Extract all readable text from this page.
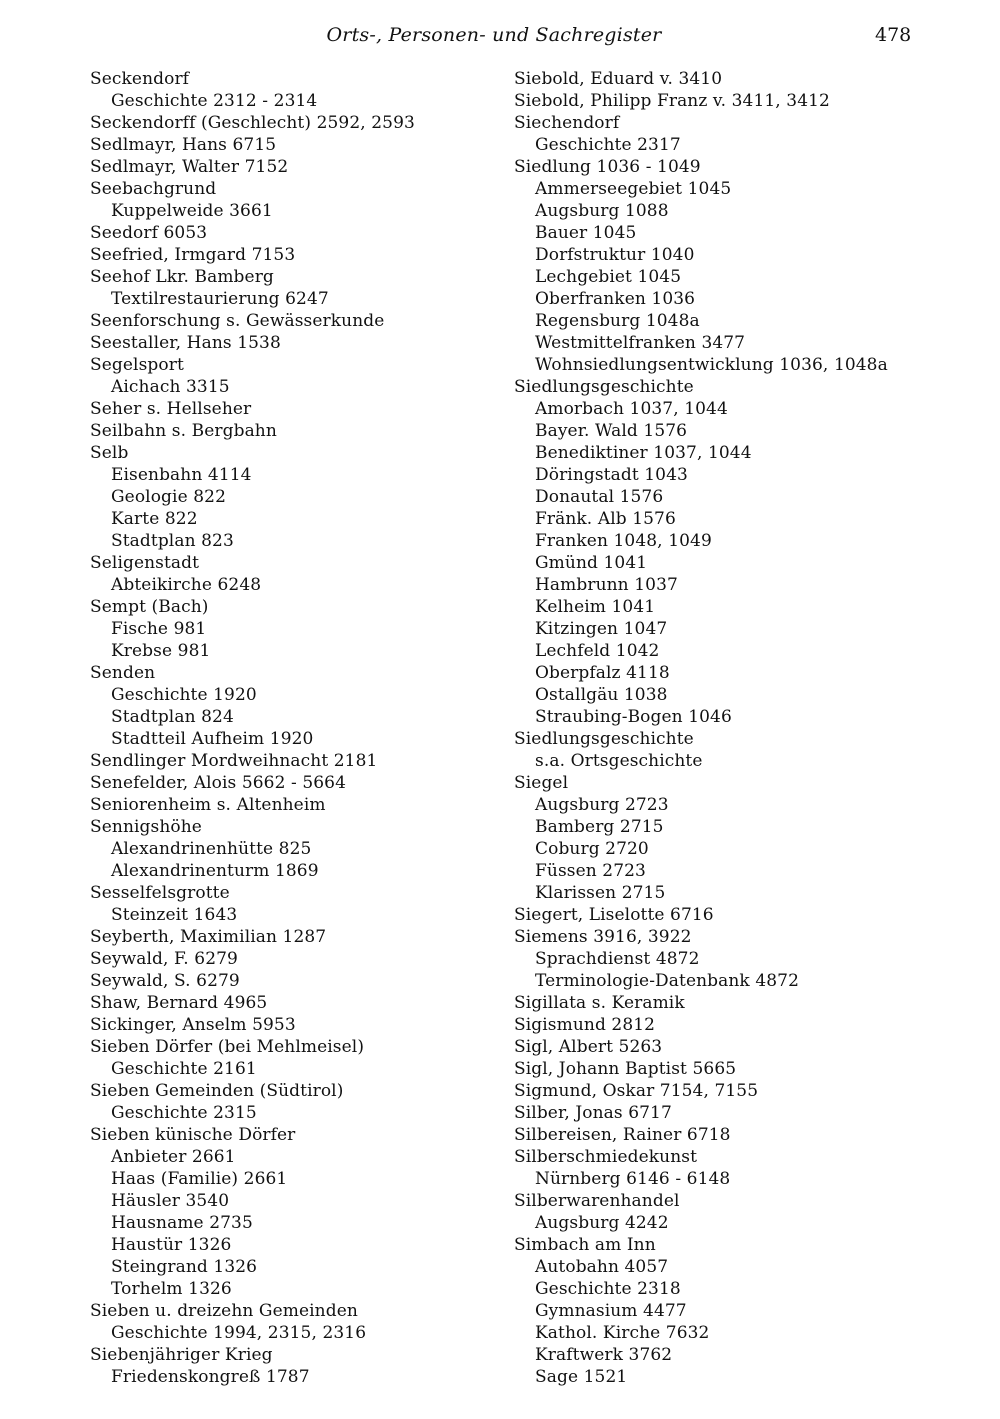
Orts-, Personen- und Sachregister	478
Seckendorf
Geschichte 2312 - 2314
Seckendorff (Geschlecht) 2592, 2593
Sedlmayr, Hans 6715
Sedlmayr, Walter 7152
Seebachgrund
Kuppelweide 3661
Seedorf 6053
Seefried, Irmgard 7153
Seehof Lkr. Bamberg
Textilrestaurierung 6247
Seenforschung s. Gewässerkunde
Seestaller, Hans 1538
Segelsport
Aichach 3315
Seher s. Hellseher
Seilbahn s. Bergbahn
Selb
Eisenbahn 4114
Geologie 822
Karte 822
Stadtplan 823
Seligenstadt
Abteikirche 6248
Sempt (Bach)
Fische 981
Krebse 981
Senden
Geschichte 1920
Stadtplan 824
Stadtteil Aufheim 1920
Sendlinger Mordweihnacht 2181
Senefelder, Alois 5662 - 5664
Seniorenheim s. Altenheim
Sennigshöhe
Alexandrinenhütte 825
Alexandrinenturm 1869
Sesselfelsgrotte
Steinzeit 1643
Seyberth, Maximilian 1287
Seywald, F. 6279
Seywald, S. 6279
Shaw, Bernard 4965
Sickinger, Anselm 5953
Sieben Dörfer (bei Mehlmeisel)
Geschichte 2161
Sieben Gemeinden (Südtirol)
Geschichte 2315
Sieben künische Dörfer
Anbieter 2661
Haas (Familie) 2661
Häusler 3540
Hausname 2735
Haustür 1326
Steingrand 1326
Torhelm 1326
Sieben u. dreizehn Gemeinden
Geschichte 1994, 2315, 2316
Siebenjähriger Krieg
Friedenskongreß 1787
Siebold, Eduard v. 3410
Siebold, Philipp Franz v. 3411, 3412
Siechendorf
Geschichte 2317
Siedlung 1036 - 1049
Ammerseegebiet 1045
Augsburg 1088
Bauer 1045
Dorfstruktur 1040
Lechgebiet 1045
Oberfranken 1036
Regensburg 1048a
Westmittelfranken 3477
Wohnsiedlungsentwicklung 1036, 1048a
Siedlungsgeschichte
Amorbach 1037, 1044
Bayer. Wald 1576
Benediktiner 1037, 1044
Döringstadt 1043
Donautal 1576
Fränk. Alb 1576
Franken 1048, 1049
Gmünd 1041
Hambrunn 1037
Kelheim 1041
Kitzingen 1047
Lechfeld 1042
Oberpfalz 4118
Ostallgäu 1038
Straubing-Bogen 1046
Siedlungsgeschichte
s.a. Ortsgeschichte
Siegel
Augsburg 2723
Bamberg 2715
Coburg 2720
Füssen 2723
Klarissen 2715
Siegert, Liselotte 6716
Siemens 3916, 3922
Sprachdienst 4872
Terminologie-Datenbank 4872
Sigillata s. Keramik
Sigismund 2812
Sigl, Albert 5263
Sigl, Johann Baptist 5665
Sigmund, Oskar 7154, 7155
Silber, Jonas 6717
Silbereisen, Rainer 6718
Silberschmiedekunst
Nürnberg 6146 - 6148
Silberwarenhandel
Augsburg 4242
Simbach am Inn
Autobahn 4057
Geschichte 2318
Gymnasium 4477
Kathol. Kirche 7632
Kraftwerk 3762
Sage 1521
